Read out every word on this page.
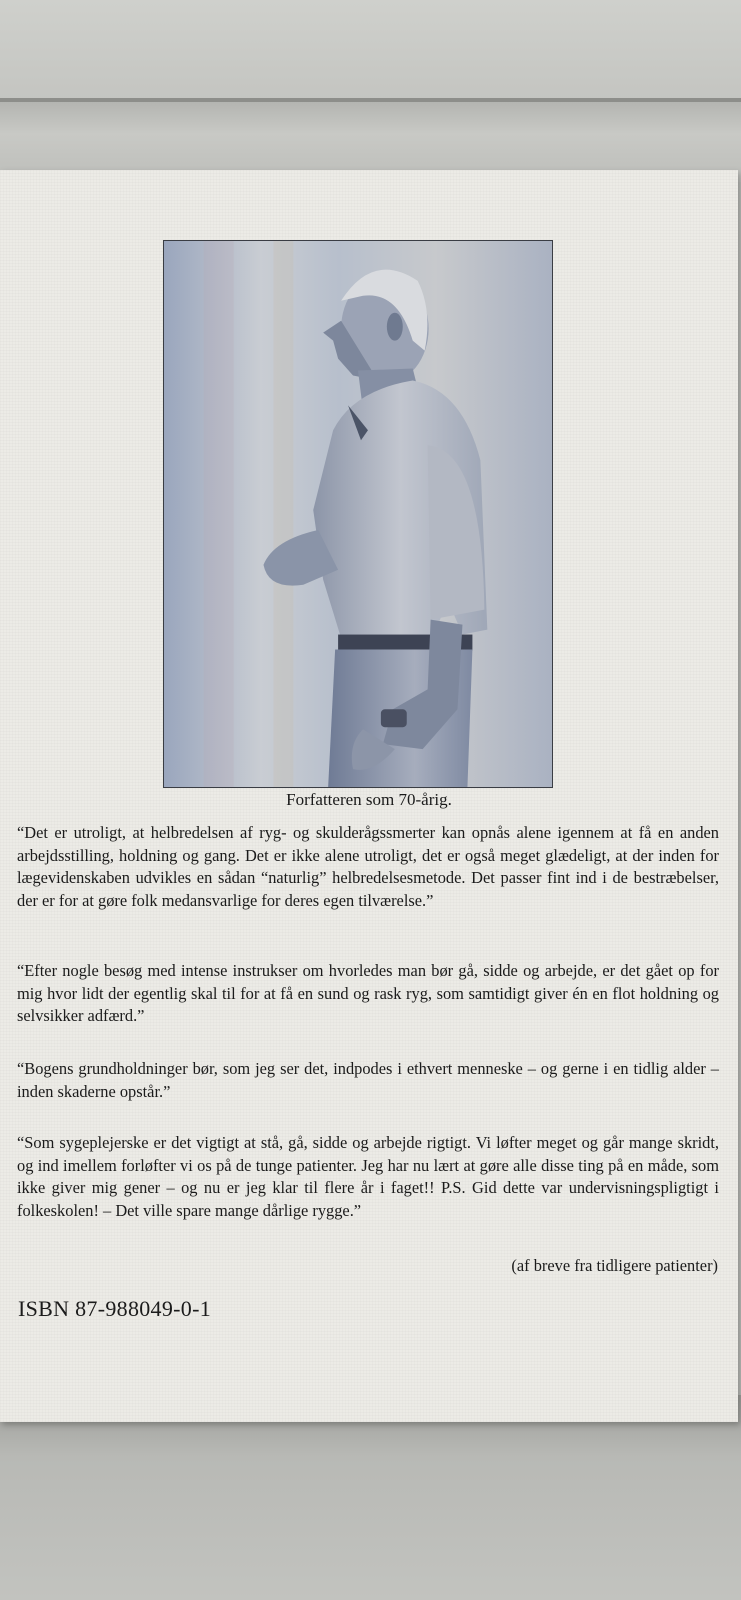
Forfatteren som 70-årig.
“Det er utroligt, at helbredelsen af ryg- og skulderågssmerter kan opnås alene igennem at få en anden arbejdsstilling, holdning og gang. Det er ikke alene utroligt, det er også meget glædeligt, at der inden for lægevidenskaben udvikles en sådan “naturlig” helbredelsesmetode. Det passer fint ind i de bestræbelser, der er for at gøre folk medansvarlige for deres egen tilværelse.”
“Efter nogle besøg med intense instrukser om hvorledes man bør gå, sidde og arbejde, er det gået op for mig hvor lidt der egentlig skal til for at få en sund og rask ryg, som samtidigt giver én en flot holdning og selvsikker adfærd.”
“Bogens grundholdninger bør, som jeg ser det, indpodes i ethvert menneske – og gerne i en tidlig alder – inden skaderne opstår.”
“Som sygeplejerske er det vigtigt at stå, gå, sidde og arbejde rigtigt. Vi løfter meget og går mange skridt, og ind imellem forløfter vi os på de tunge patienter. Jeg har nu lært at gøre alle disse ting på en måde, som ikke giver mig gener – og nu er jeg klar til flere år i faget!! P.S. Gid dette var undervisningspligtigt i folkeskolen! – Det ville spare mange dårlige rygge.”
(af breve fra tidligere patienter)
ISBN 87-988049-0-1
